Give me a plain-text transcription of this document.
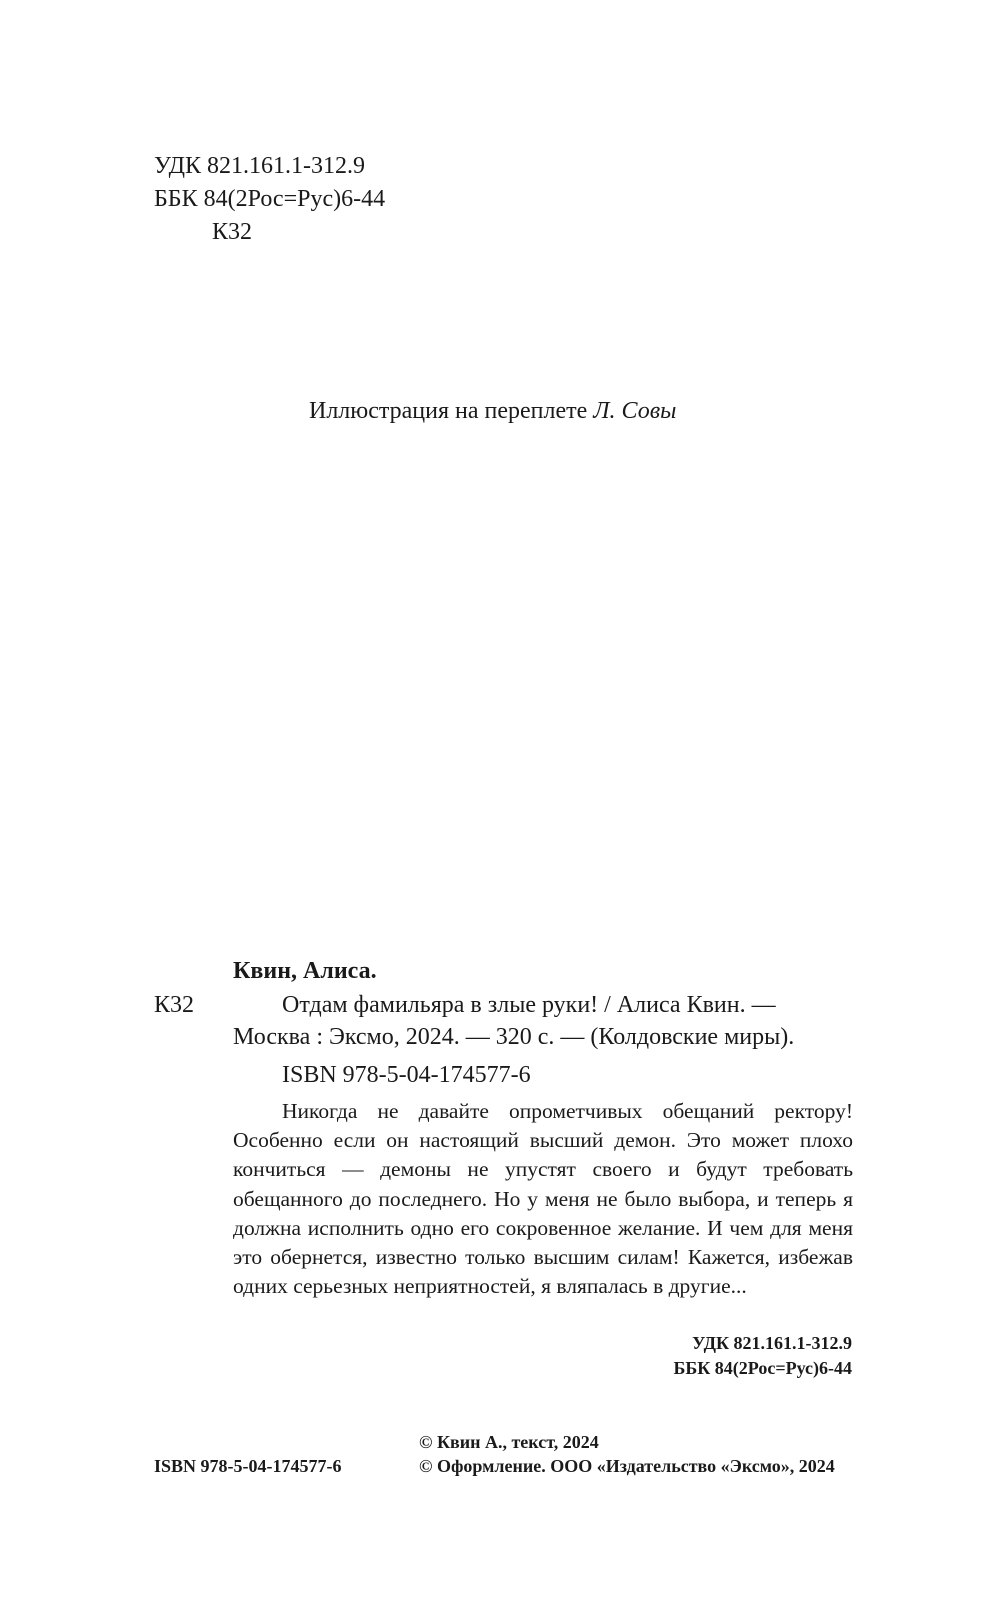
УДК 821.161.1-312.9
ББК 84(2Рос=Рус)6-44
К32
Иллюстрация на переплете Л. Совы
Квин, Алиса.
К32	Отдам фамильяра в злые руки! / Алиса Квин. —
Москва : Эксмо, 2024. — 320 с. — (Колдовские миры).
ISBN 978-5-04-174577-6

Никогда не давайте опрометчивых обещаний ректору! Особенно если он настоящий высший демон. Это может плохо кончиться — демоны не упустят своего и будут требовать обещанного до последнего. Но у меня не было выбора, и теперь я должна исполнить одно его сокровенное желание. И чем для меня это обернется, известно только высшим силам! Кажется, избежав одних серьезных неприятностей, я вляпалась в другие...

УДК 821.161.1-312.9
ББК 84(2Рос=Рус)6-44
© Квин А., текст, 2024
ISBN 978-5-04-174577-6	© Оформление. ООО «Издательство «Эксмо», 2024
